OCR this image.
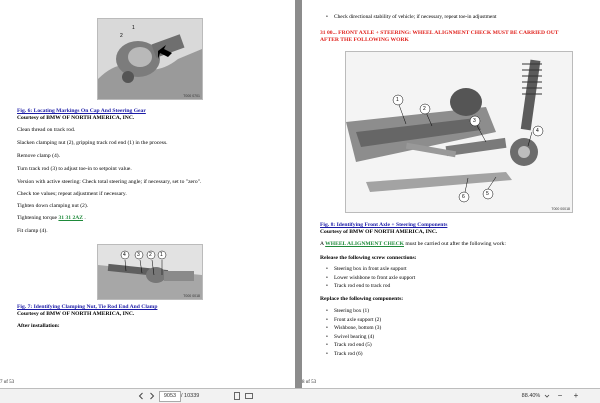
2
1
T000 0701
Fig. 6: Locating Markings On Cap And Steering Gear
Courtesy of BMW OF NORTH AMERICA, INC.
Clean thread on track rod.
Slacken clamping nut (2), gripping track rod end (1) in the process.
Remove clamp (4).
Turn track rod (3) to adjust toe-in to setpoint value.
Version with active steering: Check total steering angle; if necessary, set to "zero".
Check toe values; repeat adjustment if necessary.
Tighten down clamping nut (2).
Tightening torque 31 31 2AZ .
Fit clamp (4).
4 3 2 1
T000 0018
Fig. 7: Identifying Clamping Nut, Tie Rod End And Clamp
Courtesy of BMW OF NORTH AMERICA, INC.
After installation:
7 of 53
• Check directional stability of vehicle; if necessary, repeat toe-in adjustment
31 00... FRONT AXLE + STEERING: WHEEL ALIGNMENT CHECK MUST BE CARRIED OUT
AFTER THE FOLLOWING WORK
1
2
3
4
5
6
T000 00018
Fig. 8: Identifying Front Axle + Steering Components
Courtesy of BMW OF NORTH AMERICA, INC.
A WHEEL ALIGNMENT CHECK must be carried out after the following work:
Release the following screw connections:
• Steering box in front axle support
• Lower wishbone to front axle support
• Track rod end to track rod
Replace the following components:
• Steering box (1)
• Front axle support (2)
• Wishbone, bottom (3)
• Swivel bearing (4)
• Track rod end (5)
• Track rod (6)
8 of 53
9053 / 10339	88.40%	− +
